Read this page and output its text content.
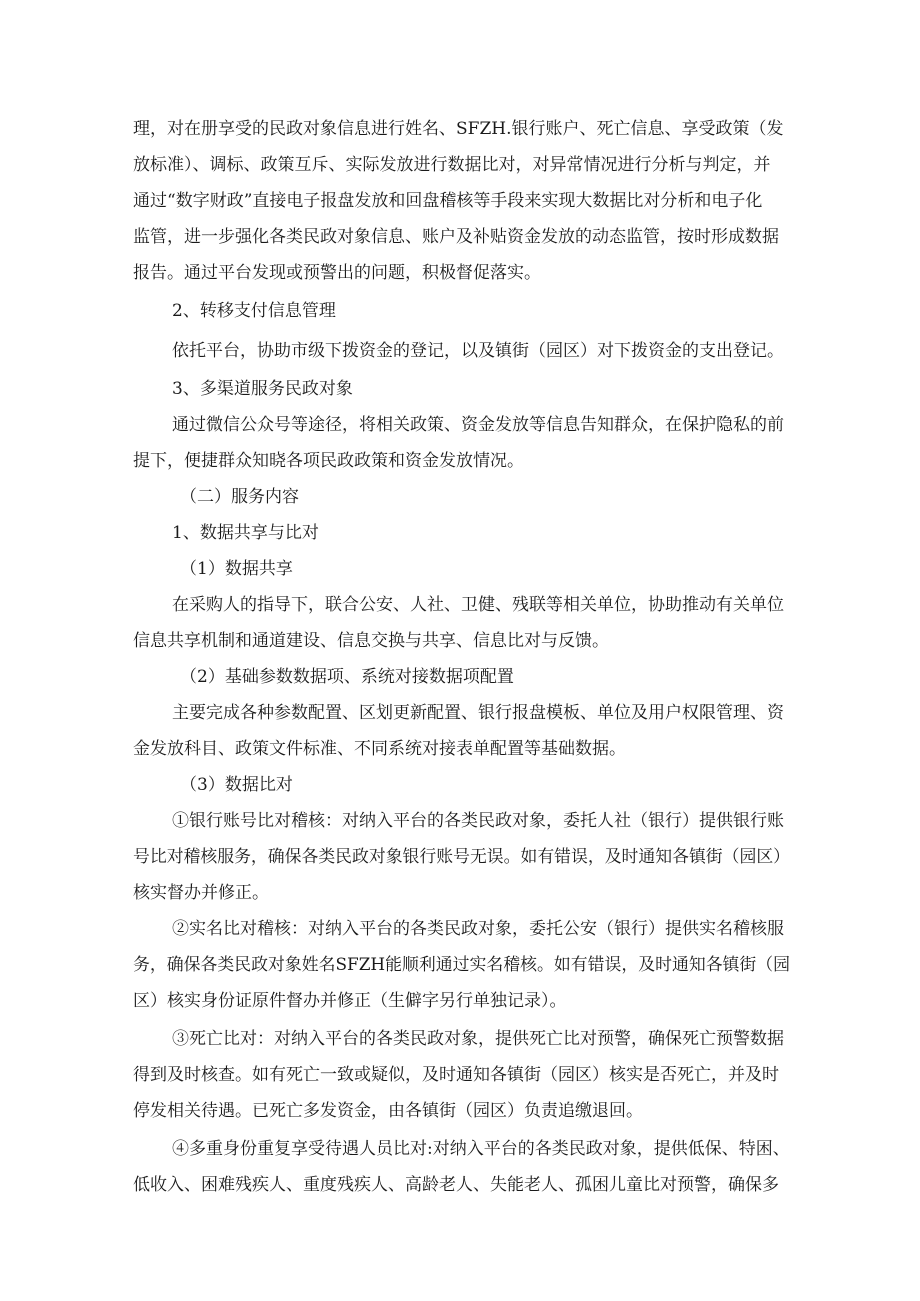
理，对在册享受的民政对象信息进行姓名、SFZH.银行账户、死亡信息、享受政策（发
放标准）、调标、政策互斥、实际发放进行数据比对，对异常情况进行分析与判定，并
通过“数字财政”直接电子报盘发放和回盘稽核等手段来实现大数据比对分析和电子化
监管，进一步强化各类民政对象信息、账户及补贴资金发放的动态监管，按时形成数据
报告。通过平台发现或预警出的问题，积极督促落实。
2、转移支付信息管理
依托平台，协助市级下拨资金的登记，以及镇街（园区）对下拨资金的支出登记。
3、多渠道服务民政对象
通过微信公众号等途径，将相关政策、资金发放等信息告知群众，在保护隐私的前
提下，便捷群众知晓各项民政政策和资金发放情况。
（二）服务内容
1、数据共享与比对
（1）数据共享
在采购人的指导下，联合公安、人社、卫健、残联等相关单位，协助推动有关单位
信息共享机制和通道建设、信息交换与共享、信息比对与反馈。
（2）基础参数数据项、系统对接数据项配置
主要完成各种参数配置、区划更新配置、银行报盘模板、单位及用户权限管理、资
金发放科目、政策文件标准、不同系统对接表单配置等基础数据。
（3）数据比对
①银行账号比对稽核：对纳入平台的各类民政对象，委托人社（银行）提供银行账
号比对稽核服务，确保各类民政对象银行账号无误。如有错误，及时通知各镇街（园区）
核实督办并修正。
②实名比对稽核：对纳入平台的各类民政对象，委托公安（银行）提供实名稽核服
务，确保各类民政对象姓名SFZH能顺利通过实名稽核。如有错误，及时通知各镇街（园
区）核实身份证原件督办并修正（生僻字另行单独记录）。
③死亡比对：对纳入平台的各类民政对象，提供死亡比对预警，确保死亡预警数据
得到及时核查。如有死亡一致或疑似，及时通知各镇街（园区）核实是否死亡，并及时
停发相关待遇。已死亡多发资金，由各镇街（园区）负责追缴退回。
④多重身份重复享受待遇人员比对:对纳入平台的各类民政对象，提供低保、特困、
低收入、困难残疾人、重度残疾人、高龄老人、失能老人、孤困儿童比对预警，确保多
